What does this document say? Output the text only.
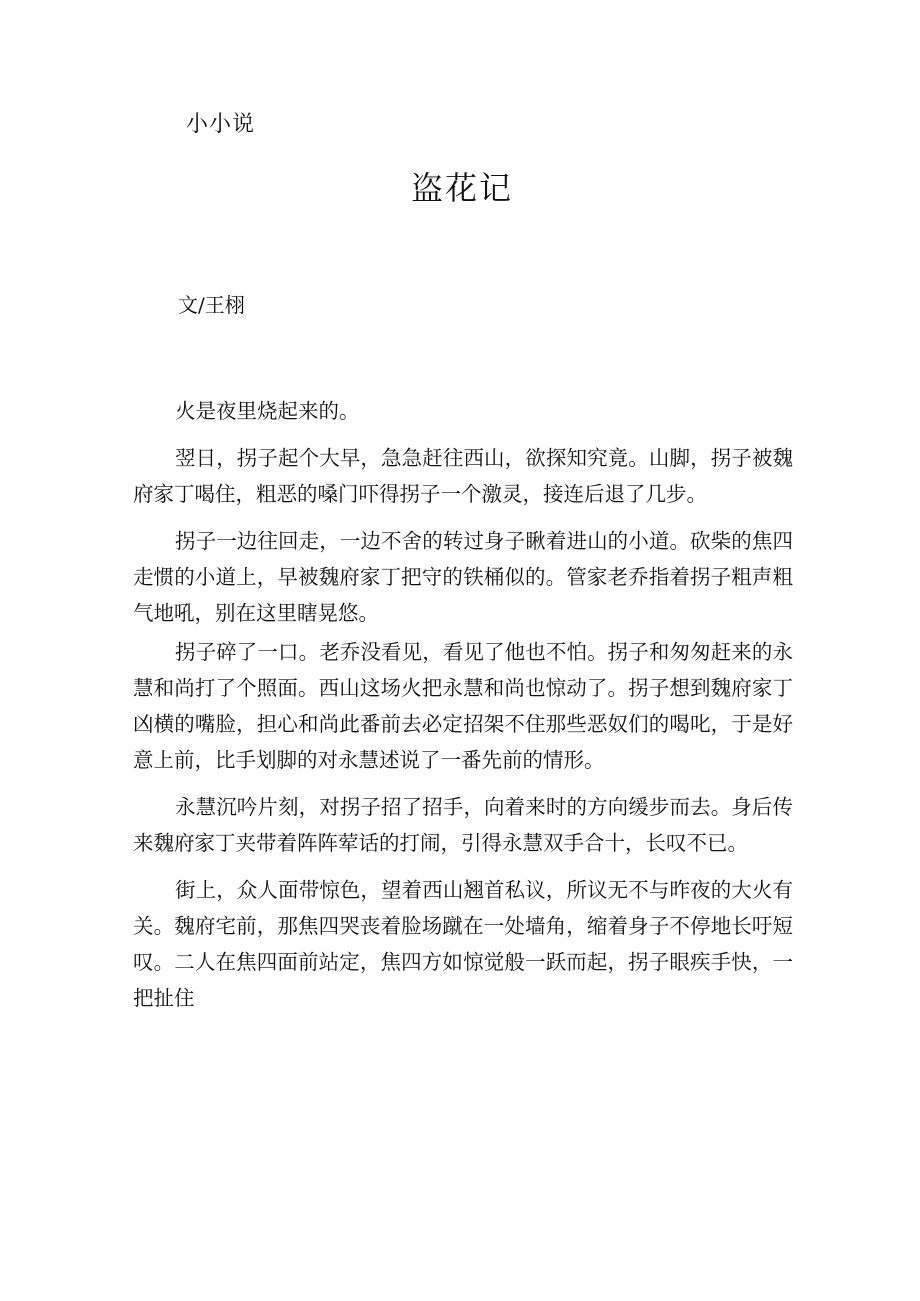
小小说
盗花记
文/王栩

火是夜里烧起来的。

翌日，拐子起个大早，急急赶往西山，欲探知究竟。山脚，拐子被魏府家丁喝住，粗恶的嗓门吓得拐子一个激灵，接连后退了几步。

拐子一边往回走，一边不舍的转过身子瞅着进山的小道。砍柴的焦四走惯的小道上，早被魏府家丁把守的铁桶似的。管家老乔指着拐子粗声粗气地吼，别在这里瞎晃悠。

拐子碎了一口。老乔没看见，看见了他也不怕。拐子和匆匆赶来的永慧和尚打了个照面。西山这场火把永慧和尚也惊动了。拐子想到魏府家丁凶横的嘴脸，担心和尚此番前去必定招架不住那些恶奴们的喝叱，于是好意上前，比手划脚的对永慧述说了一番先前的情形。

永慧沉吟片刻，对拐子招了招手，向着来时的方向缓步而去。身后传来魏府家丁夹带着阵阵荤话的打闹，引得永慧双手合十，长叹不已。

街上，众人面带惊色，望着西山翘首私议，所议无不与昨夜的大火有关。魏府宅前，那焦四哭丧着脸场蹴在一处墙角，缩着身子不停地长吁短叹。二人在焦四面前站定，焦四方如惊觉般一跃而起，拐子眼疾手快，一把扯住
